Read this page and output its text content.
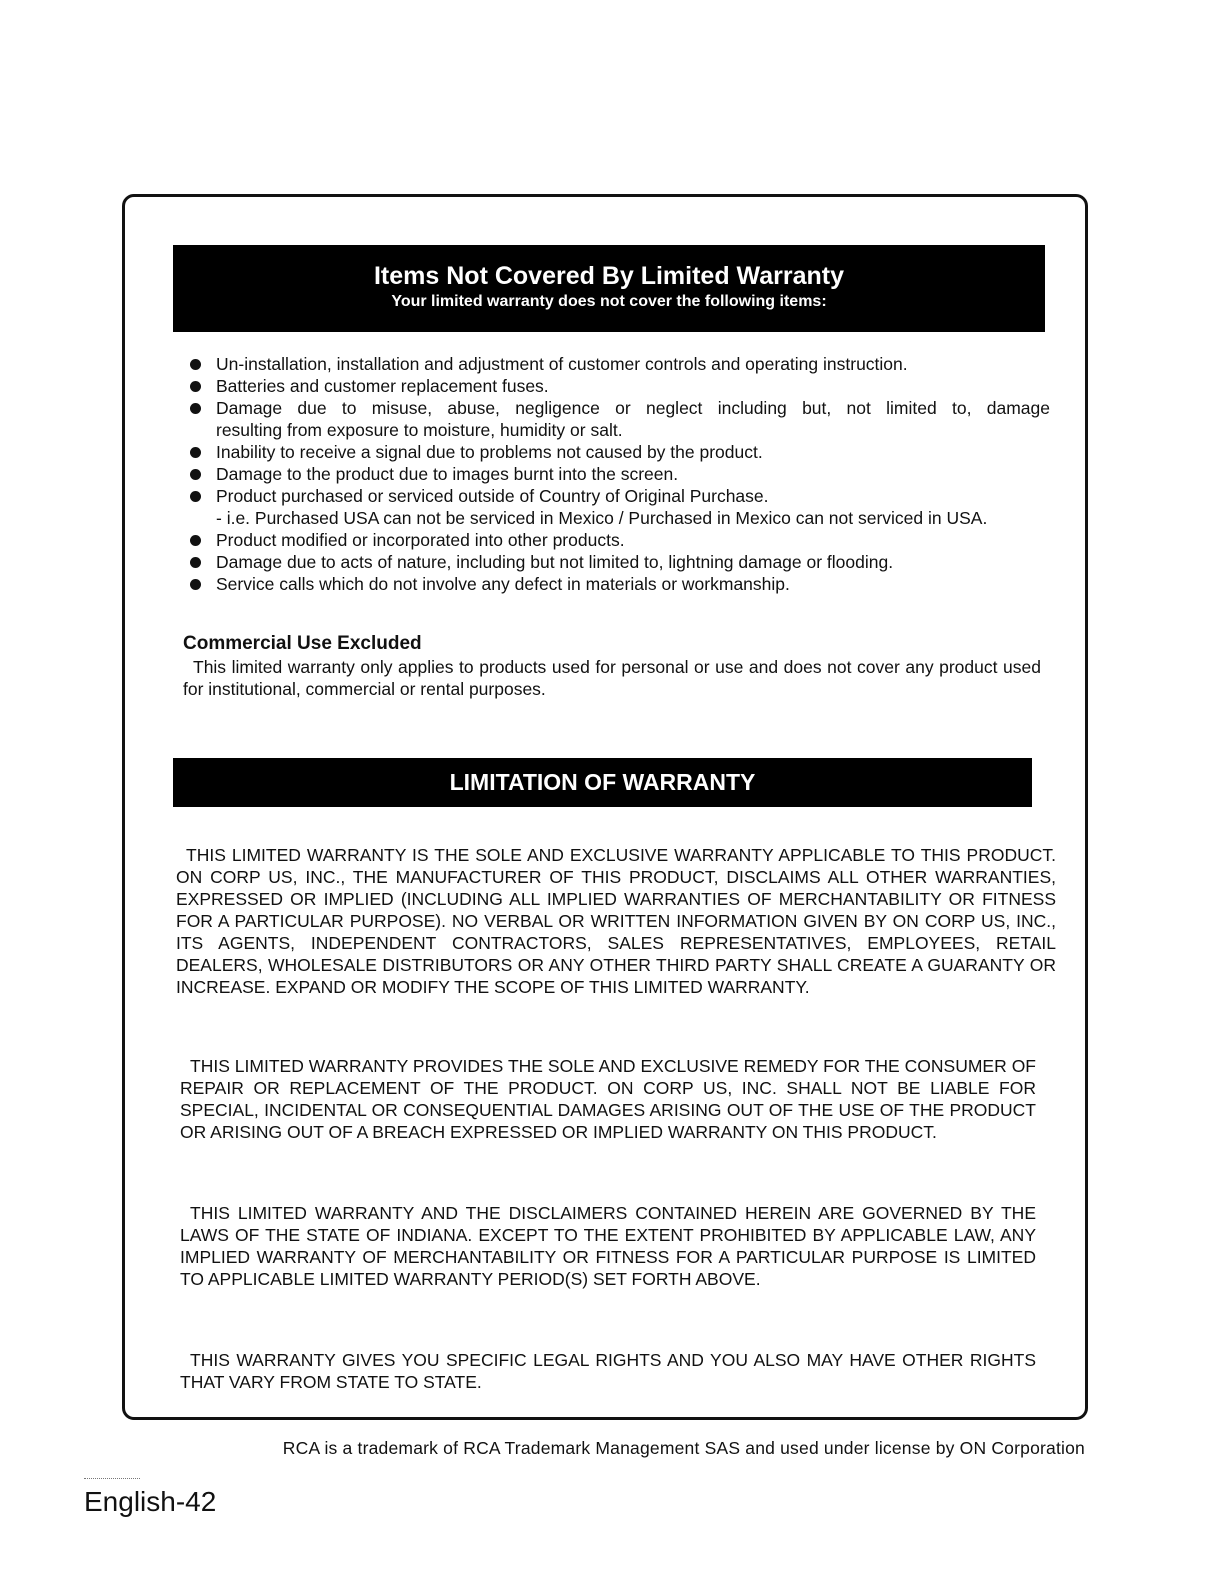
Items Not Covered By Limited Warranty
Your limited warranty does not cover the following items:
Un-installation, installation and adjustment of customer controls and operating instruction.
Batteries and customer replacement fuses.
Damage due to misuse, abuse, negligence or neglect including but, not limited to, damage
resulting from exposure to moisture, humidity or salt.
Inability to receive a signal due to problems not caused by the product.
Damage to the product due to images burnt into the screen.
Product purchased or serviced outside of Country of Original Purchase.
- i.e. Purchased USA can not be serviced in Mexico / Purchased in Mexico can not serviced in USA.
Product modified or incorporated into other products.
Damage due to acts of nature, including but not limited to, lightning damage or flooding.
Service calls which do not involve any defect in materials or workmanship.
Commercial Use Excluded

This limited warranty only applies to products used for personal or use and does not cover any product used for institutional, commercial or rental purposes.

LIMITATION OF WARRANTY

THIS LIMITED WARRANTY IS THE SOLE AND EXCLUSIVE WARRANTY APPLICABLE TO THIS PRODUCT. ON CORP US, INC., THE MANUFACTURER OF THIS PRODUCT, DISCLAIMS ALL OTHER WARRANTIES, EXPRESSED OR IMPLIED (INCLUDING ALL IMPLIED WARRANTIES OF MERCHANTABILITY OR FITNESS FOR A PARTICULAR PURPOSE). NO VERBAL OR WRITTEN INFORMATION GIVEN BY ON CORP US, INC., ITS AGENTS, INDEPENDENT CONTRACTORS, SALES REPRESENTATIVES, EMPLOYEES, RETAIL DEALERS, WHOLESALE DISTRIBUTORS OR ANY OTHER THIRD PARTY SHALL CREATE A GUARANTY OR INCREASE. EXPAND OR MODIFY THE SCOPE OF THIS LIMITED WARRANTY.

THIS LIMITED WARRANTY PROVIDES THE SOLE AND EXCLUSIVE REMEDY FOR THE CONSUMER OF REPAIR OR REPLACEMENT OF THE PRODUCT. ON CORP US, INC. SHALL NOT BE LIABLE FOR SPECIAL, INCIDENTAL OR CONSEQUENTIAL DAMAGES ARISING OUT OF THE USE OF THE PRODUCT OR ARISING OUT OF A BREACH EXPRESSED OR IMPLIED WARRANTY ON THIS PRODUCT.

THIS LIMITED WARRANTY AND THE DISCLAIMERS CONTAINED HEREIN ARE GOVERNED BY THE LAWS OF THE STATE OF INDIANA. EXCEPT TO THE EXTENT PROHIBITED BY APPLICABLE LAW, ANY IMPLIED WARRANTY OF MERCHANTABILITY OR FITNESS FOR A PARTICULAR PURPOSE IS LIMITED TO APPLICABLE LIMITED WARRANTY PERIOD(S) SET FORTH ABOVE.

THIS WARRANTY GIVES YOU SPECIFIC LEGAL RIGHTS AND YOU ALSO MAY HAVE OTHER RIGHTS THAT VARY FROM STATE TO STATE.

RCA is a trademark of RCA Trademark Management SAS and used under license by ON Corporation
English-42
